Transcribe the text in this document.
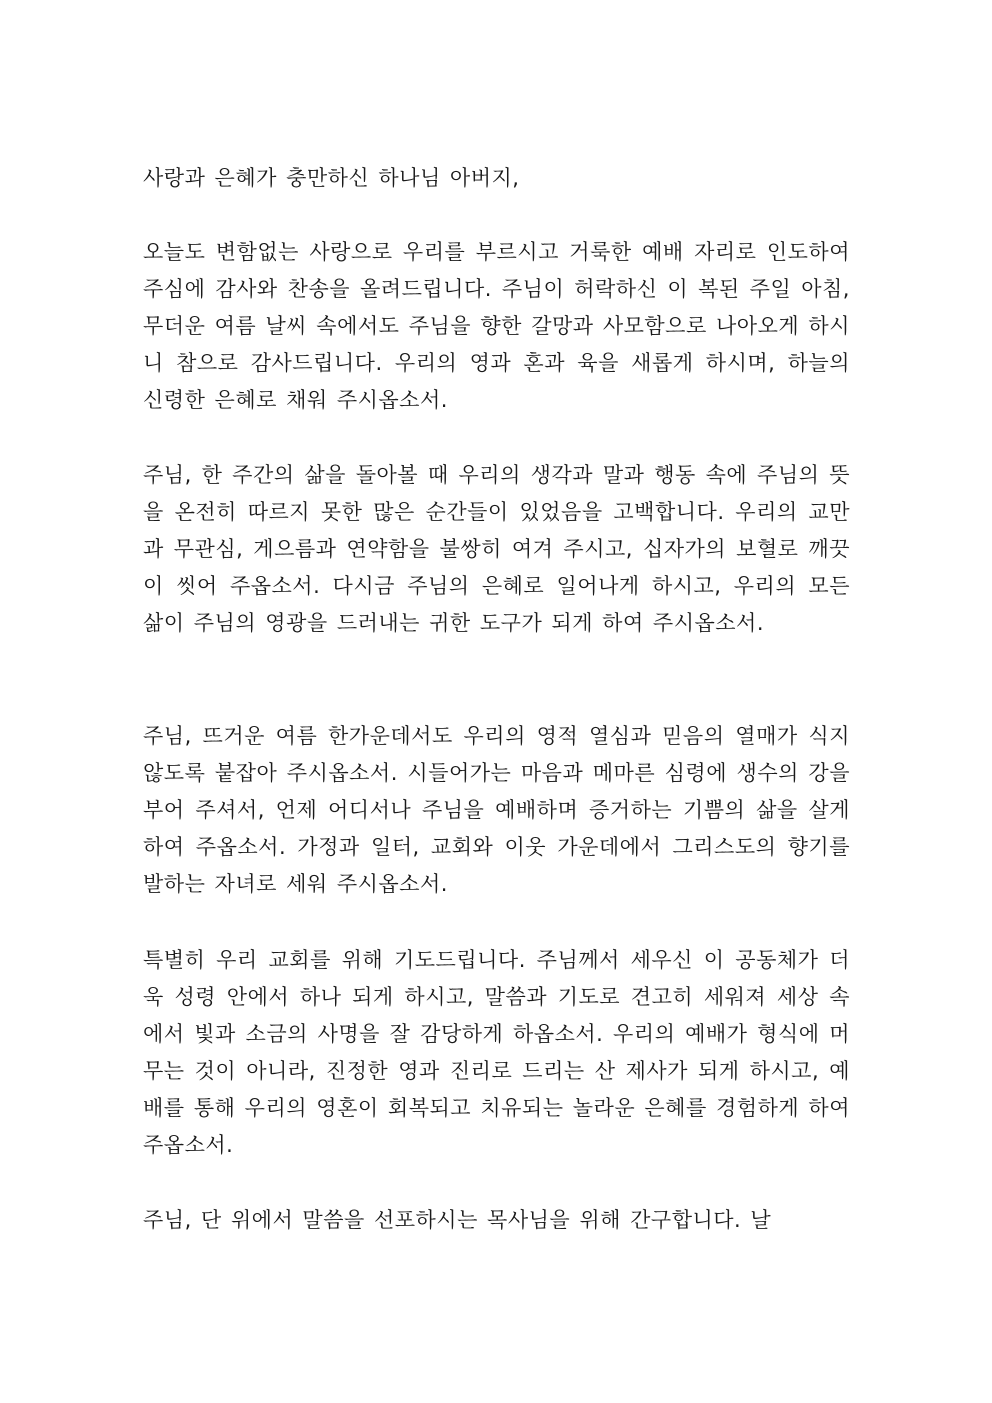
사랑과 은혜가 충만하신 하나님 아버지,

오늘도 변함없는 사랑으로 우리를 부르시고 거룩한 예배 자리로 인도하여 주심에 감사와 찬송을 올려드립니다. 주님이 허락하신 이 복된 주일 아침, 무더운 여름 날씨 속에서도 주님을 향한 갈망과 사모함으로 나아오게 하시니 참으로 감사드립니다. 우리의 영과 혼과 육을 새롭게 하시며, 하늘의 신령한 은혜로 채워 주시옵소서.

주님, 한 주간의 삶을 돌아볼 때 우리의 생각과 말과 행동 속에 주님의 뜻을 온전히 따르지 못한 많은 순간들이 있었음을 고백합니다. 우리의 교만과 무관심, 게으름과 연약함을 불쌍히 여겨 주시고, 십자가의 보혈로 깨끗이 씻어 주옵소서. 다시금 주님의 은혜로 일어나게 하시고, 우리의 모든 삶이 주님의 영광을 드러내는 귀한 도구가 되게 하여 주시옵소서.

주님, 뜨거운 여름 한가운데서도 우리의 영적 열심과 믿음의 열매가 식지 않도록 붙잡아 주시옵소서. 시들어가는 마음과 메마른 심령에 생수의 강을 부어 주셔서, 언제 어디서나 주님을 예배하며 증거하는 기쁨의 삶을 살게 하여 주옵소서. 가정과 일터, 교회와 이웃 가운데에서 그리스도의 향기를 발하는 자녀로 세워 주시옵소서.

특별히 우리 교회를 위해 기도드립니다. 주님께서 세우신 이 공동체가 더욱 성령 안에서 하나 되게 하시고, 말씀과 기도로 견고히 세워져 세상 속에서 빛과 소금의 사명을 잘 감당하게 하옵소서. 우리의 예배가 형식에 머무는 것이 아니라, 진정한 영과 진리로 드리는 산 제사가 되게 하시고, 예배를 통해 우리의 영혼이 회복되고 치유되는 놀라운 은혜를 경험하게 하여 주옵소서.

주님, 단 위에서 말씀을 선포하시는 목사님을 위해 간구합니다. 날
